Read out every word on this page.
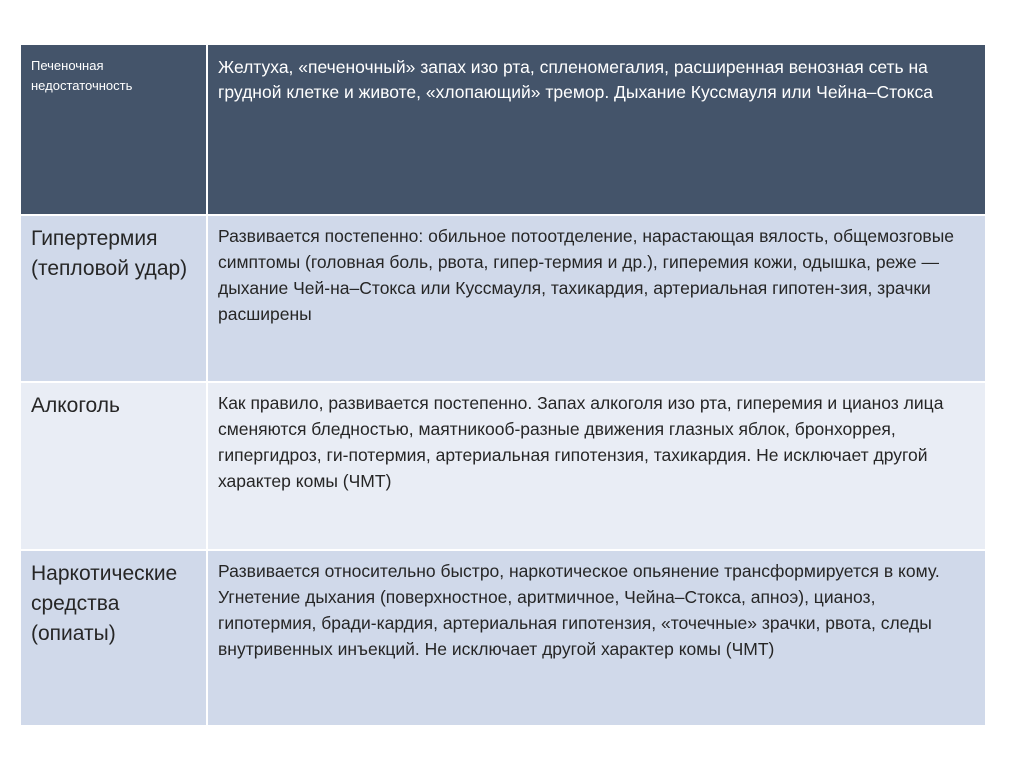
Печеночная недостаточность	Желтуха, «печеночный» запах изо рта, спленомегалия, расширенная венозная сеть на грудной клетке и животе, «хлопающий» тремор. Дыхание Куссмауля или Чейна–Стокса
Гипертермия (тепловой удар)	Развивается постепенно: обильное потоотделение, нарастающая вялость, общемозговые симптомы (головная боль, рвота, гипер-термия и др.), гиперемия кожи, одышка, реже — дыхание Чей-на–Стокса или Куссмауля, тахикардия, артериальная гипотен-зия, зрачки расширены
Алкоголь	Как правило, развивается постепенно. Запах алкоголя изо рта, гиперемия и цианоз лица сменяются бледностью, маятникооб-разные движения глазных яблок, бронхоррея, гипергидроз, ги-потермия, артериальная гипотензия, тахикардия. Не исключает другой характер комы (ЧМТ)
Наркотические средства (опиаты)	Развивается относительно быстро, наркотическое опьянение трансформируется в кому. Угнетение дыхания (поверхностное, аритмичное, Чейна–Стокса, апноэ), цианоз, гипотермия, бради-кардия, артериальная гипотензия, «точечные» зрачки, рвота, следы внутривенных инъекций. Не исключает другой характер комы (ЧМТ)
